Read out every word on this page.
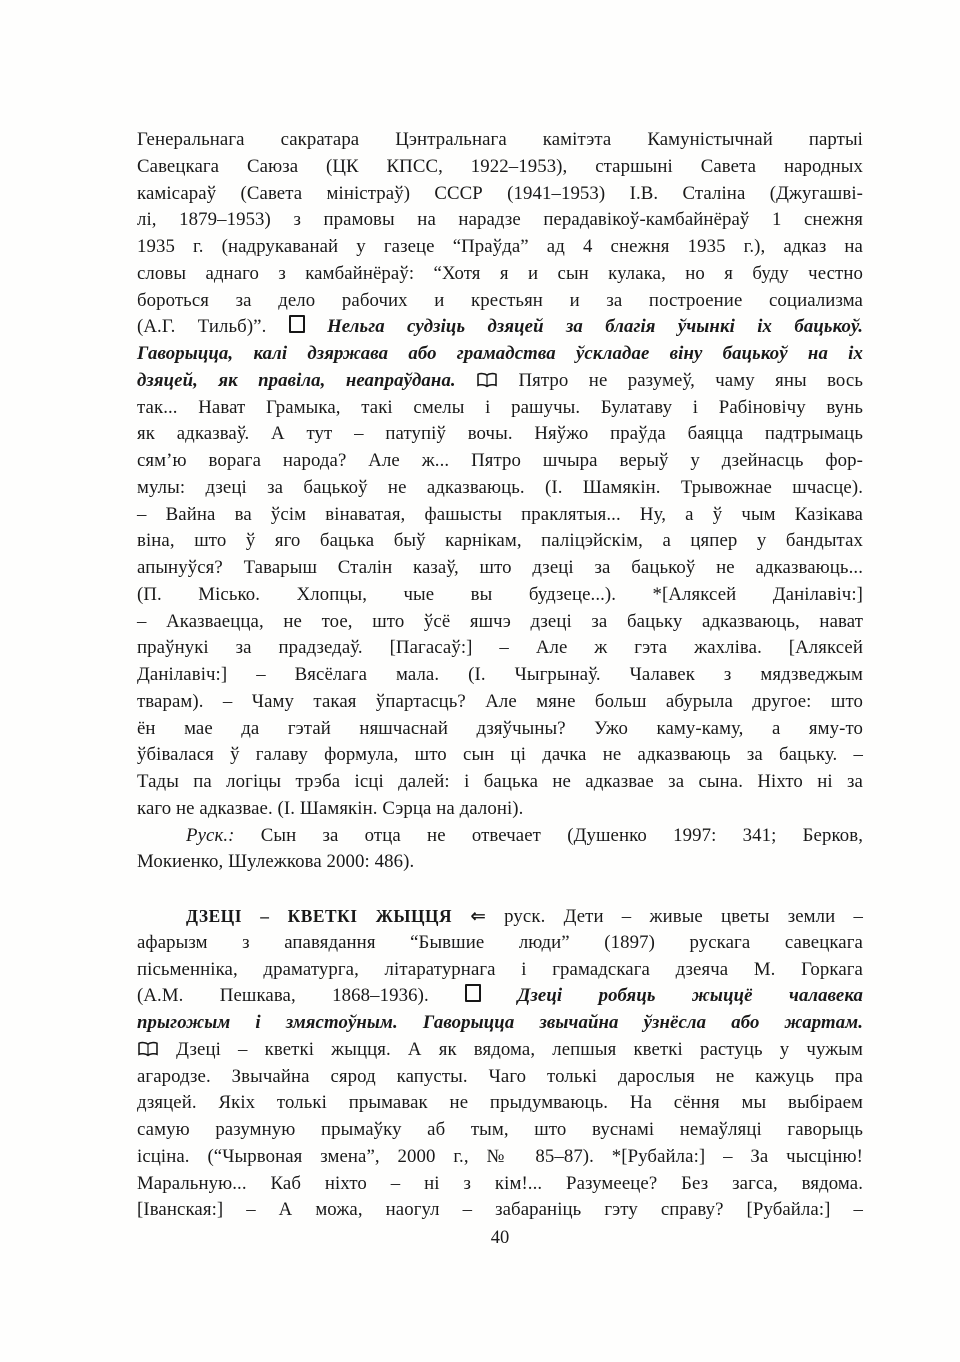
Генеральнага сакратара Цэнтральнага камітэта Камуністычнай партыі
Савецкага Саюза (ЦК КПСС, 1922–1953), старшыні Савета народных
камісараў (Савета міністраў) СССР (1941–1953) І.В. Сталіна (Джугашві-
лі, 1879–1953) з прамовы на нарадзе перадавікоў-камбайнёраў 1 снежня
1935 г. (надрукаванай у газеце “Праўда” ад 4 снежня 1935 г.), адказ на
словы аднаго з камбайнёраў: “Хотя я и сын кулака, но я буду честно
бороться за дело рабочих и крестьян и за построение социализма
(А.Г. Тильб)”.  Нельга судзіць дзяцей за благія ўчынкі іх бацькоў.
Гаворыцца, калі дзяржава або грамадства ўскладае віну бацькоў на іх
дзяцей, як правіла, неапраўдана.  Пятро не разумеў, чаму яны вось
так... Нават Грамыка, такі смелы і рашучы. Булатаву і Рабіновічу вунь
як адказваў. А тут – патупіў вочы. Няўжо праўда баяцца падтрымаць
сям’ю ворага народа? Але ж... Пятро шчыра верыў у дзейнасць фор-
мулы: дзеці за бацькоў не адказваюць. (І. Шамякін. Трывожнае шчасце).
– Вайна ва ўсім вінаватая, фашысты праклятыя... Ну, а ў чым Казікава
віна, што ў яго бацька быў карнікам, паліцэйскім, а цяпер у бандытах
апынуўся? Таварыш Сталін казаў, што дзеці за бацькоў не адказваюць...
(П. Місько. Хлопцы, чые вы будзеце...). *[Аляксей Данілавіч:]
– Аказваецца, не тое, што ўсё яшчэ дзеці за бацьку адказваюць, нават
праўнукі за прадзедаў. [Пагасаў:] – Але ж гэта жахліва. [Аляксей
Данілавіч:] – Вясёлага мала. (І. Чыгрынаў. Чалавек з мядзведжым
тварам). – Чаму такая ўпартасць? Але мяне больш абурыла другое: што
ён мае да гэтай няшчаснай дзяўчыны? Ужо каму-каму, а яму-то
ўбівалася ў галаву формула, што сын ці дачка не адказваюць за бацьку. –
Тады па логіцы трэба ісці далей: і бацька не адказвае за сына. Ніхто ні за
каго не адказвае. (І. Шамякін. Сэрца на далоні).
Руск.: Сын за отца не отвечает (Душенко 1997: 341; Берков,
Мокиенко, Шулежкова 2000: 486).
ДЗЕЦІ – КВЕТКІ ЖЫЦЦЯ ⇐ руск. Дети – живые цветы земли –
афарызм з апавядання “Бывшие люди” (1897) рускага савецкага
пісьменніка, драматурга, літаратурнага і грамадскага дзеяча М. Горкага
(А.М. Пешкава, 1868–1936).  Дзеці робяць жыццё чалавека
прыгожым і змястоўным. Гаворыцца звычайна ўзнёсла або жартам.
Дзеці – кветкі жыцця. А як вядома, лепшыя кветкі растуць у чужым
агародзе. Звычайна сярод капусты. Чаго толькі дарослыя не кажуць пра
дзяцей. Якіх толькі прымавак не прыдумваюць. На сёння мы выбіраем
самую разумную прымаўку аб тым, што вуснамі немаўляці гаворыць
ісціна. (“Чырвоная змена”, 2000 г., № 85–87). *[Рубайла:] – За чысціню!
Маральную... Каб ніхто – ні з кім!... Разумееце? Без загса, вядома.
[Іванская:] – А можа, наогул – забараніць гэту справу? [Рубайла:] –
40
